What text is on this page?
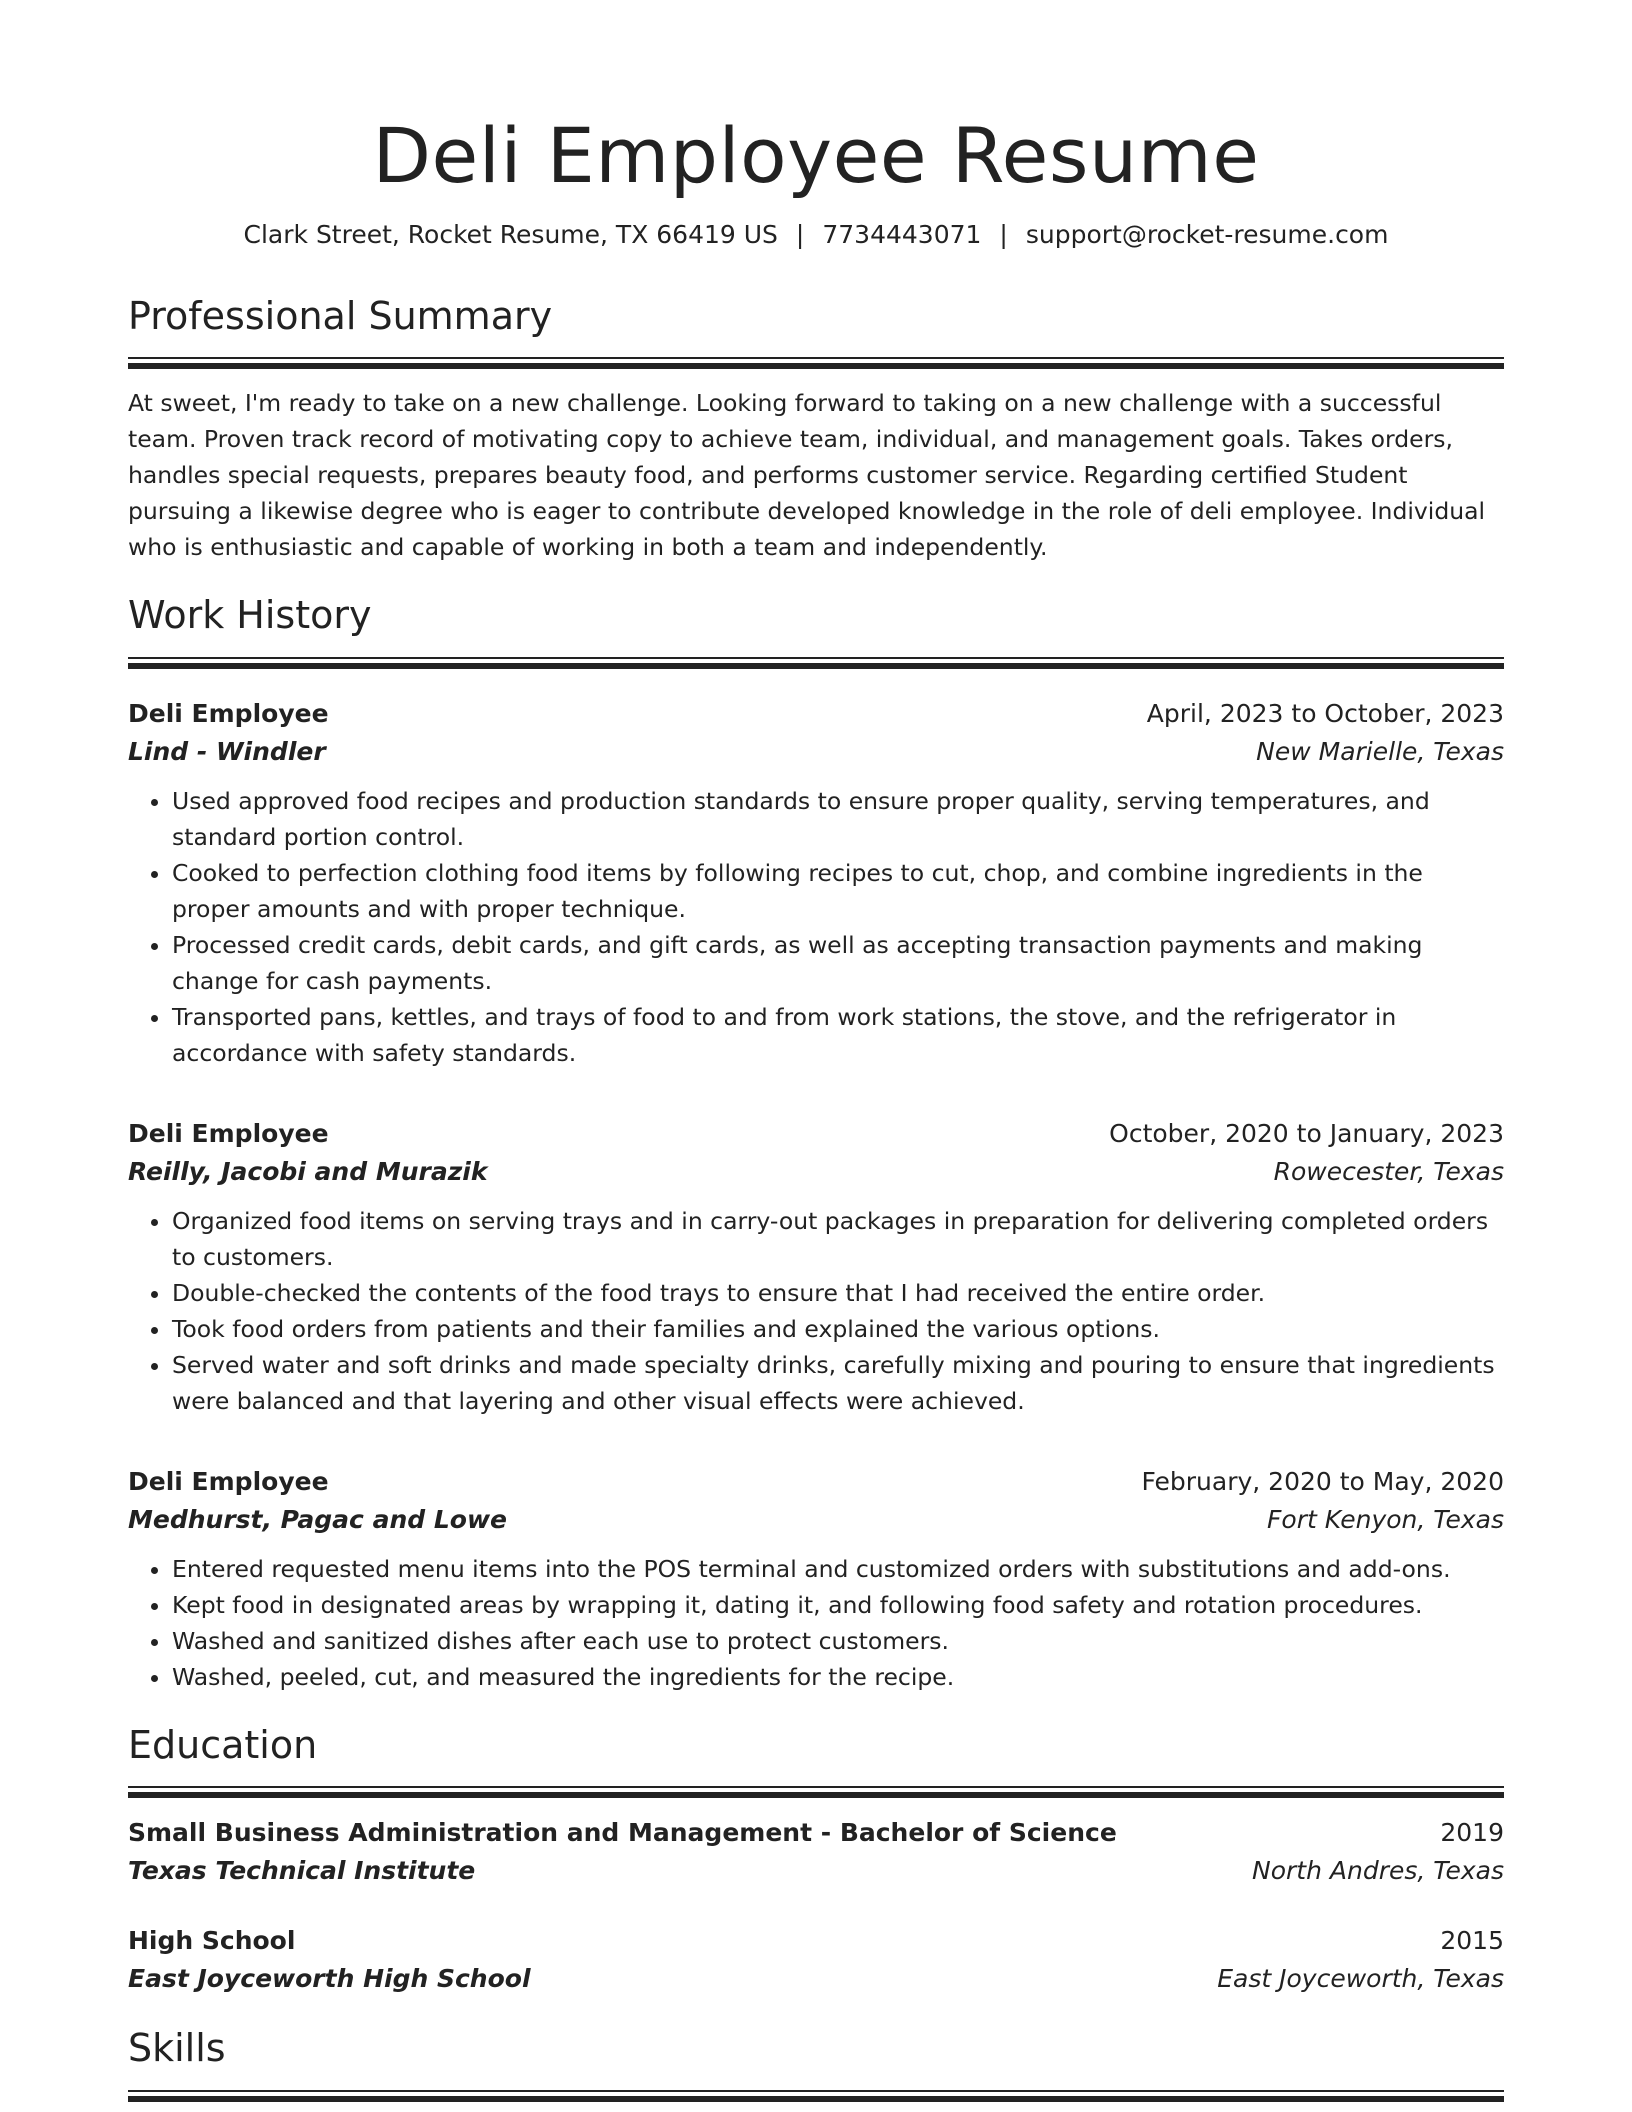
Deli Employee Resume
Clark Street, Rocket Resume, TX 66419 US | 7734443071 | support@rocket-resume.com
Professional Summary

At sweet, I'm ready to take on a new challenge. Looking forward to taking on a new challenge with a successful team. Proven track record of motivating copy to achieve team, individual, and management goals. Takes orders, handles special requests, prepares beauty food, and performs customer service. Regarding certified Student pursuing a likewise degree who is eager to contribute developed knowledge in the role of deli employee. Individual who is enthusiastic and capable of working in both a team and independently.

Work History
Deli Employee	April, 2023 to October, 2023
Lind - Windler	New Marielle, Texas
• Used approved food recipes and production standards to ensure proper quality, serving temperatures, and standard portion control.
• Cooked to perfection clothing food items by following recipes to cut, chop, and combine ingredients in the proper amounts and with proper technique.
• Processed credit cards, debit cards, and gift cards, as well as accepting transaction payments and making change for cash payments.
• Transported pans, kettles, and trays of food to and from work stations, the stove, and the refrigerator in accordance with safety standards.
Deli Employee	October, 2020 to January, 2023
Reilly, Jacobi and Murazik	Rowecester, Texas
• Organized food items on serving trays and in carry-out packages in preparation for delivering completed orders to customers.
• Double-checked the contents of the food trays to ensure that I had received the entire order.
• Took food orders from patients and their families and explained the various options.
• Served water and soft drinks and made specialty drinks, carefully mixing and pouring to ensure that ingredients were balanced and that layering and other visual effects were achieved.
Deli Employee	February, 2020 to May, 2020
Medhurst, Pagac and Lowe	Fort Kenyon, Texas
• Entered requested menu items into the POS terminal and customized orders with substitutions and add-ons.
• Kept food in designated areas by wrapping it, dating it, and following food safety and rotation procedures.
• Washed and sanitized dishes after each use to protect customers.
• Washed, peeled, cut, and measured the ingredients for the recipe.
Education
Small Business Administration and Management - Bachelor of Science	2019
Texas Technical Institute	North Andres, Texas
High School	2015
East Joyceworth High School	East Joyceworth, Texas
Skills
